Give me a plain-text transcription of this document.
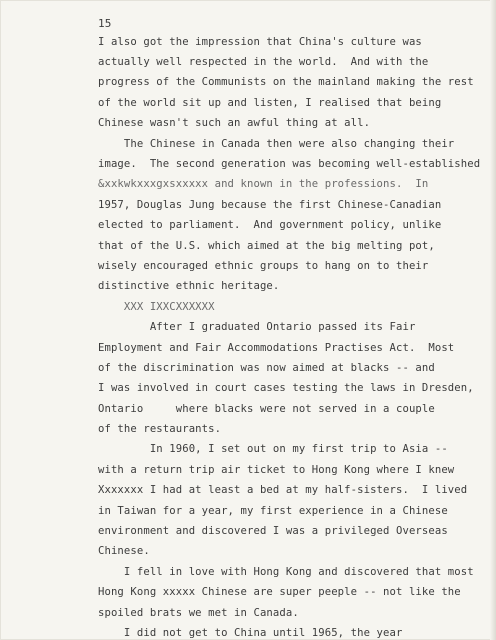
15
I also got the impression that China's culture was
actually well respected in the world.  And with the
progress of the Communists on the mainland making the rest
of the world sit up and listen, I realised that being
Chinese wasn't such an awful thing at all.
The Chinese in Canada then were also changing their
image.  The second generation was becoming well-established
&xxkwkxxxgxsxxxxx and known in the professions.  In
1957, Douglas Jung because the first Chinese-Canadian
elected to parliament.  And government policy, unlike
that of the U.S. which aimed at the big melting pot,
wisely encouraged ethnic groups to hang on to their
distinctive ethnic heritage.
XXX IXXCXXXXXX
After I graduated Ontario passed its Fair
Employment and Fair Accommodations Practises Act.  Most
of the discrimination was now aimed at blacks -- and
I was involved in court cases testing the laws in Dresden,
Ontario     where blacks were not served in a couple
of the restaurants.
In 1960, I set out on my first trip to Asia --
with a return trip air ticket to Hong Kong where I knew
Xxxxxxx I had at least a bed at my half-sisters.  I lived
in Taiwan for a year, my first experience in a Chinese
environment and discovered I was a privileged Overseas
Chinese.
I fell in love with Hong Kong and discovered that most
Hong Kong xxxxx Chinese are super peeple -- not like the
spoiled brats we met in Canada.
I did not get to China until 1965, the year
